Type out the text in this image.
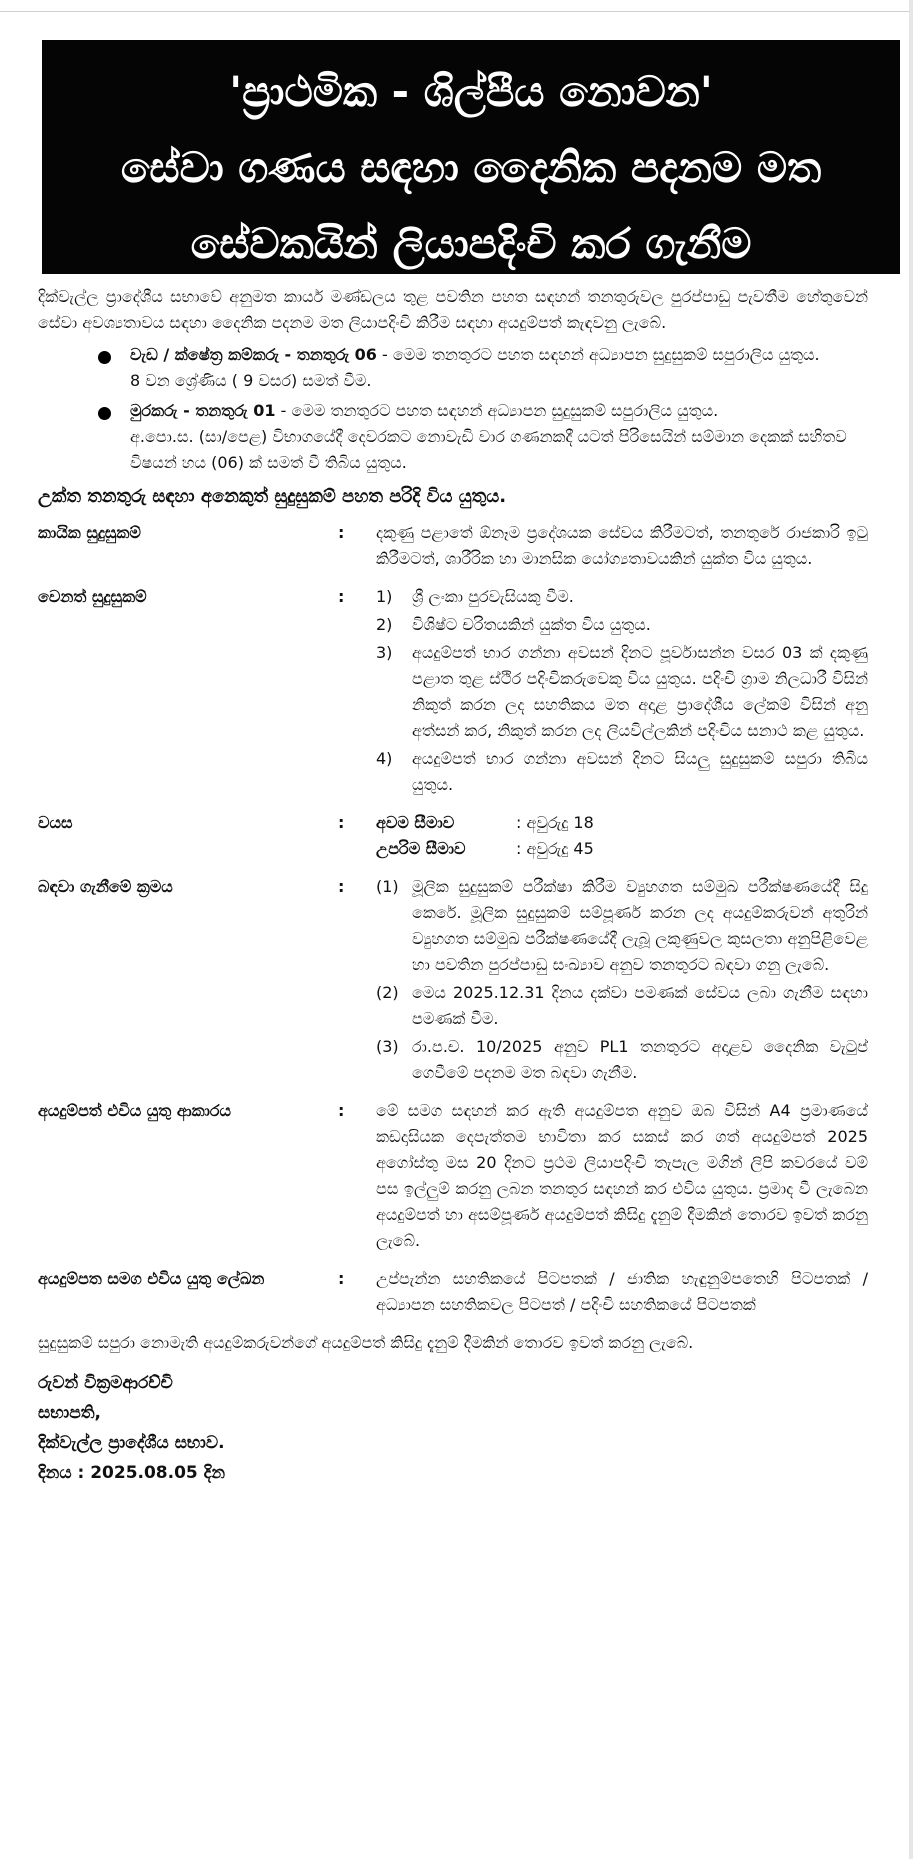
'ප්‍රාථමික - ශිල්පීය නොවන'
සේවා ගණය සඳහා දෛනික පදනම මත
සේවකයින් ලියාපදිංචි කර ගැනීම

දික්වැල්ල ප්‍රාදේශීය සභාවේ අනුමත කාර්ය මණ්ඩලය තුළ පවතින පහත සඳහන් තනතුරුවල පුරප්පාඩු පැවතීම හේතුවෙන් සේවා අවශ්‍යතාවය සඳහා දෛනික පදනම මත ලියාපදිංචි කිරීම සඳහා අයදුම්පත් කැඳවනු ලැබේ.

වැඩ / ක්ෂේත්‍ර කම්කරු - තනතුරු 06 - මෙම තනතුරට පහත සඳහන් අධ්‍යාපන සුදුසුකම් සපුරාලිය යුතුය.
8 වන ශ්‍රේණිය ( 9 වසර) සමත් වීම.
මුරකරු - තනතුරු 01 - මෙම තනතුරට පහත සඳහන් අධ්‍යාපන සුදුසුකම් සපුරාලිය යුතුය.
අ.පො.ස. (සා/පෙළ) විභාගයේදී දෙවරකට නොවැඩි වාර ගණනකදී යටත් පිරිසෙයින් සම්මාන දෙකක් සහිතව විෂයන් හය (06) ක් සමත් වී තිබිය යුතුය.
උක්ත තනතුරු සඳහා අනෙකුත් සුදුසුකම් පහත පරිදි විය යුතුය.
කායික සුදුසුකම්	:	දකුණු පළාතේ ඕනෑම ප්‍රදේශයක සේවය කිරීමටත්, තනතුරේ රාජකාරි ඉටු කිරීමටත්, ශාරීරික හා මානසික යෝග්‍යතාවයකින් යුක්ත විය යුතුය.
වෙනත් සුදුසුකම්	:	1) ශ්‍රී ලංකා පුරවැසියකු වීම.
2) විශිෂ්ට චරිතයකින් යුක්ත විය යුතුය.
3) අයදුම්පත් භාර ගන්නා අවසන් දිනට පූර්වාසන්න වසර 03 ක් දකුණු පළාත තුළ ස්ථිර පදිංචිකරුවෙකු විය යුතුය. පදිංචි ග්‍රාම නිලධාරී විසින් නිකුත් කරන ලද සහතිකය මත අදාළ ප්‍රාදේශීය ලේකම් විසින් අනු අත්සන් කර, නිකුත් කරන ලද ලියවිල්ලකින් පදිංචිය සනාථ කළ යුතුය.
4) අයදුම්පත් භාර ගන්නා අවසන් දිනට සියලු සුදුසුකම් සපුරා තිබිය යුතුය.
වයස	:	අවම සීමාව	: අවුරුදු 18
උපරිම සීමාව	: අවුරුදු 45
බඳවා ගැනීමේ ක්‍රමය	:	(1) මූලික සුදුසුකම් පරීක්ෂා කිරීම ව්‍යුහගත සම්මුඛ පරීක්ෂණයේදී සිදු කෙරේ. මූලික සුදුසුකම් සම්පූර්ණ කරන ලද අයදුම්කරුවන් අතුරින් ව්‍යුහගත සම්මුඛ පරීක්ෂණයේදී ලැබූ ලකුණුවල කුසලතා අනුපිළිවෙළ හා පවතින පුරප්පාඩු සංඛ්‍යාව අනුව තනතුරට බඳවා ගනු ලැබේ.
(2) මෙය 2025.12.31 දිනය දක්වා පමණක් සේවය ලබා ගැනීම සඳහා පමණක් වීම.
(3) රා.ප.ච. 10/2025 අනුව PL1 තනතුරට අදාළව දෛනික වැටුප් ගෙවීමේ පදනම මත බඳවා ගැනීම.
අයදුම්පත් එවිය යුතු ආකාරය	:	මේ සමග සඳහන් කර ඇති අයදුම්පත අනුව ඔබ විසින් A4 ප්‍රමාණයේ කඩදාසියක දෙපැත්තම භාවිතා කර සකස් කර ගත් අයදුම්පත් 2025 අගෝස්තු මස 20 දිනට ප්‍රථම ලියාපදිංචි තැපැල මගින් ලිපි කවරයේ වම් පස ඉල්ලුම් කරනු ලබන තනතුර සඳහන් කර එවිය යුතුය. ප්‍රමාද වී ලැබෙන අයදුම්පත් හා අසම්පූර්ණ අයදුම්පත් කිසිදු දැනුම් දීමකින් තොරව ඉවත් කරනු ලැබේ.
අයදුම්පත සමග එවිය යුතු ලේඛන	:	උප්පැන්න සහතිකයේ පිටපතක් / ජාතික හැඳුනුම්පතෙහි පිටපතක් / අධ්‍යාපන සහතිකවල පිටපත් / පදිංචි සහතිකයේ පිටපතක්
සුදුසුකම් සපුරා නොමැති අයදුම්කරුවන්ගේ අයදුම්පත් කිසිදු දැනුම් දීමකින් තොරව ඉවත් කරනු ලැබේ.
රුවන් වික්‍රමආරච්චි
සභාපති,
දික්වැල්ල ප්‍රාදේශීය සභාව.
දිනය : 2025.08.05 දින
